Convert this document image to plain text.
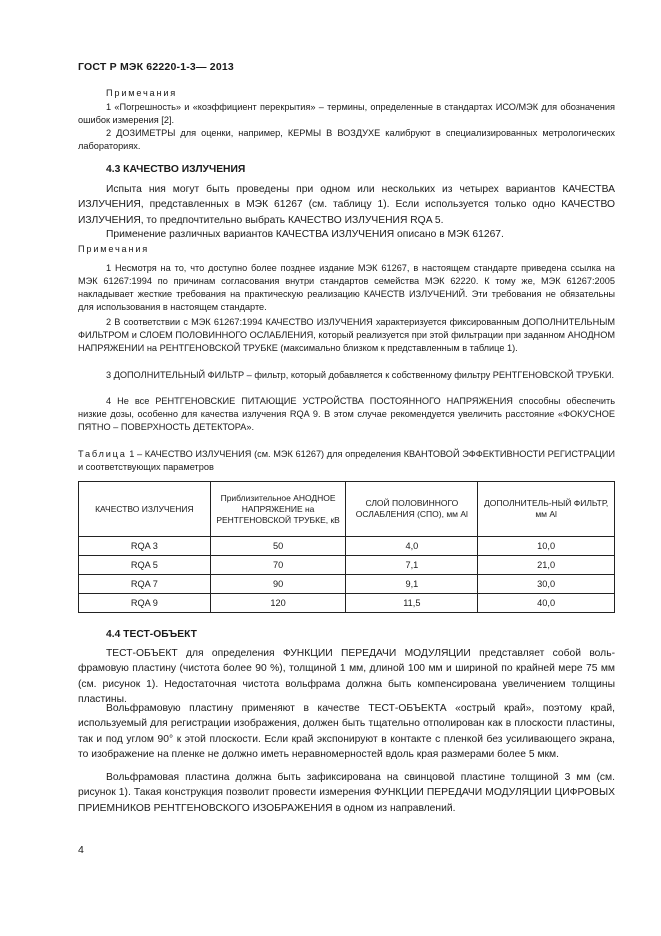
ГОСТ Р МЭК 62220-1-3— 2013

Примечания

1 «Погрешность» и «коэффициент перекрытия» – термины, определенные в стандартах ИСО/МЭК для обозначения ошибок измерения [2].

2 ДОЗИМЕТРЫ для оценки, например, КЕРМЫ В ВОЗДУХЕ калибруют в специализированных метрологических лабораториях.

4.3 КАЧЕСТВО ИЗЛУЧЕНИЯ

Испыта ния могут быть проведены при одном или нескольких из четырех вариантов КАЧЕСТВА ИЗЛУЧЕНИЯ, представленных в МЭК 61267 (см. таблицу 1). Если используется только одно КАЧЕСТВО ИЗЛУЧЕНИЯ, то предпочтительно выбрать КАЧЕСТВО ИЗЛУЧЕНИЯ RQA 5.

Применение различных вариантов КАЧЕСТВА ИЗЛУЧЕНИЯ описано в МЭК 61267.

Примечания

1 Несмотря на то, что доступно более позднее издание МЭК 61267, в настоящем стандарте приведена ссылка на МЭК 61267:1994 по причинам согласования внутри стандартов семейства МЭК 62220. К тому же, МЭК 61267:2005 накладывает жесткие требования на практическую реализацию КАЧЕСТВ ИЗЛУЧЕНИЙ. Эти требования не обязательны для использования в настоящем стандарте.

2 В соответствии с МЭК 61267:1994 КАЧЕСТВО ИЗЛУЧЕНИЯ характеризуется фиксированным ДОПОЛНИТЕЛЬНЫМ ФИЛЬТРОМ и СЛОЕМ ПОЛОВИННОГО ОСЛАБЛЕНИЯ, который реализуется при этой фильтрации при заданном АНОДНОМ НАПРЯЖЕНИИ на РЕНТГЕНОВСКОЙ ТРУБКЕ (максимально близком к представленным в таблице 1).

3 ДОПОЛНИТЕЛЬНЫЙ ФИЛЬТР – фильтр, который добавляется к собственному фильтру РЕНТГЕНОВСКОЙ ТРУБКИ.

4 Не все РЕНТГЕНОВСКИЕ ПИТАЮЩИЕ УСТРОЙСТВА ПОСТОЯННОГО НАПРЯЖЕНИЯ способны обеспечить низкие дозы, особенно для качества излучения RQA 9. В этом случае рекомендуется увеличить расстояние «ФОКУСНОЕ ПЯТНО – ПОВЕРХНОСТЬ ДЕТЕКТОРА».

Таблица 1 – КАЧЕСТВО ИЗЛУЧЕНИЯ (см. МЭК 61267) для определения КВАНТОВОЙ ЭФФЕКТИВНОСТИ РЕГИСТРАЦИИ и соответствующих параметров

КАЧЕСТВО ИЗЛУЧЕНИЯ	Приблизительное АНОДНОЕ НАПРЯЖЕНИЕ на РЕНТГЕНОВСКОЙ ТРУБКЕ, кВ	СЛОЙ ПОЛОВИННОГО ОСЛАБЛЕНИЯ (СПО), мм Al	ДОПОЛНИТЕЛЬ-НЫЙ ФИЛЬТР, мм Al
RQA 3	50	4,0	10,0
RQA 5	70	7,1	21,0
RQA 7	90	9,1	30,0
RQA 9	120	11,5	40,0

4.4 ТЕСТ-ОБЪЕКТ

ТЕСТ-ОБЪЕКТ для определения ФУНКЦИИ ПЕРЕДАЧИ МОДУЛЯЦИИ представляет собой вольфрамовую пластину (чистота более 90 %), толщиной 1 мм, длиной 100 мм и шириной по крайней мере 75 мм (см. рисунок 1). Недостаточная чистота вольфрама должна быть компенсирована увеличением толщины пластины.

Вольфрамовую пластину применяют в качестве ТЕСТ-ОБЪЕКТА «острый край», поэтому край, используемый для регистрации изображения, должен быть тщательно отполирован как в плоскости пластины, так и под углом 90° к этой плоскости. Если край экспонируют в контакте с пленкой без усиливающего экрана, то изображение на пленке не должно иметь неравномерностей вдоль края размерами более 5 мкм.

Вольфрамовая пластина должна быть зафиксирована на свинцовой пластине толщиной 3 мм (см. рисунок 1). Такая конструкция позволит провести измерения ФУНКЦИИ ПЕРЕДАЧИ МОДУЛЯЦИИ ЦИФРОВЫХ ПРИЕМНИКОВ РЕНТГЕНОВСКОГО ИЗОБРАЖЕНИЯ в одном из направлений.

4
